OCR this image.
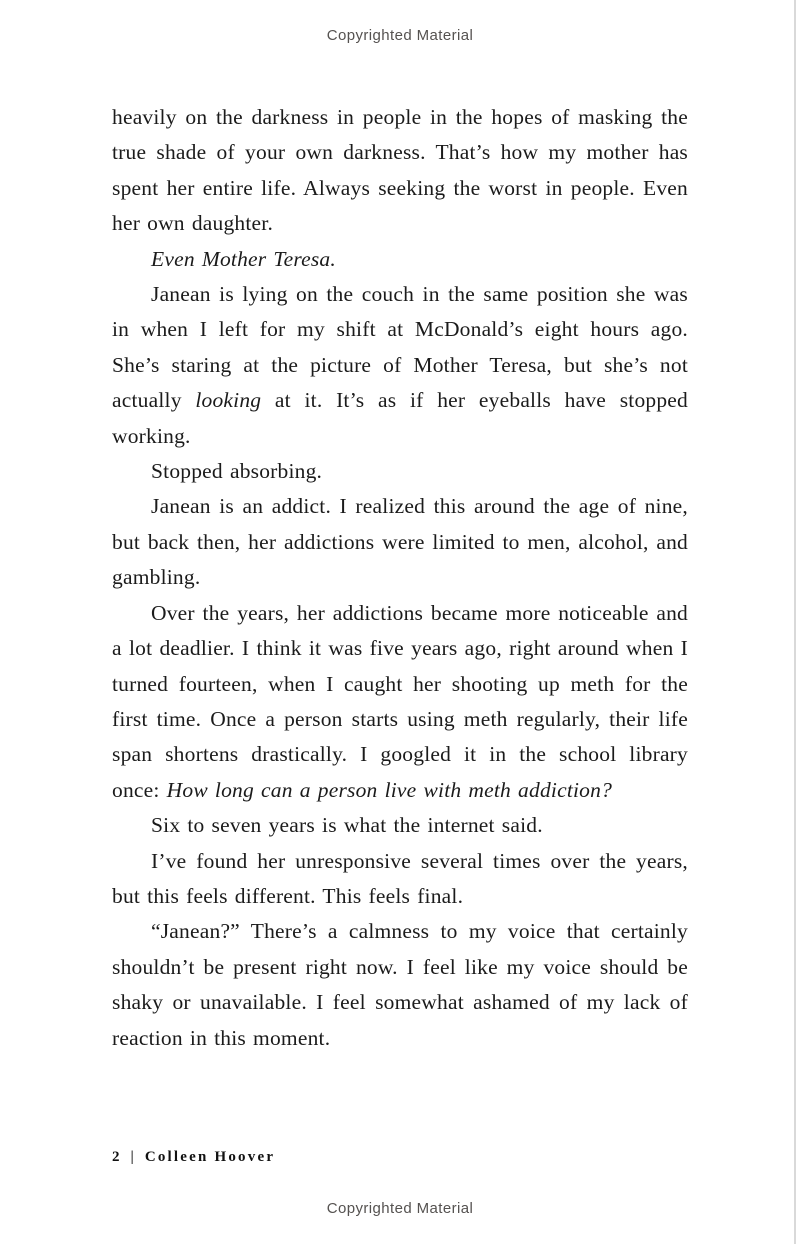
Copyrighted Material

heavily on the darkness in people in the hopes of masking the true shade of your own darkness. That’s how my mother has spent her entire life. Always seeking the worst in people. Even her own daughter.

Even Mother Teresa.

Janean is lying on the couch in the same position she was in when I left for my shift at McDonald’s eight hours ago. She’s staring at the picture of Mother Teresa, but she’s not actually looking at it. It’s as if her eyeballs have stopped working.

Stopped absorbing.

Janean is an addict. I realized this around the age of nine, but back then, her addictions were limited to men, alcohol, and gambling.

Over the years, her addictions became more noticeable and a lot deadlier. I think it was five years ago, right around when I turned fourteen, when I caught her shooting up meth for the first time. Once a person starts using meth regularly, their life span shortens drastically. I googled it in the school library once: How long can a person live with meth addiction?

Six to seven years is what the internet said.

I’ve found her unresponsive several times over the years, but this feels different. This feels final.

“Janean?” There’s a calmness to my voice that certainly shouldn’t be present right now. I feel like my voice should be shaky or unavailable. I feel somewhat ashamed of my lack of reaction in this moment.

2 | Colleen Hoover
Copyrighted Material
